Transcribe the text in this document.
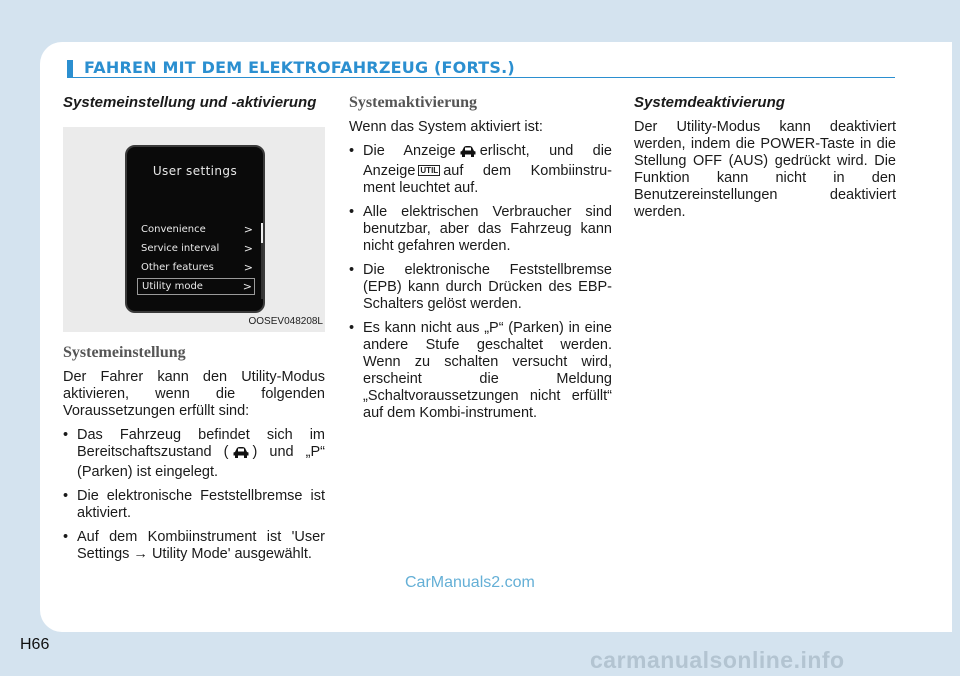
FAHREN MIT DEM ELEKTROFAHRZEUG (FORTS.)
Systemeinstellung und -aktivierung
User settings
Convenience	>
Service interval >
Other features	>
Utility mode	>
OOSEV048208L
Systemeinstellung

Der Fahrer kann den Utility-Modus aktivieren, wenn die folgenden Voraussetzungen erfüllt sind:

• Das Fahrzeug befindet sich im Bereitschaftszustand ( ) und „P“ (Parken) ist eingelegt.
• Die elektronische Feststellbremse ist aktiviert.
• Auf dem Kombiinstrument ist 'User Settings → Utility Mode' ausgewählt.
Systemaktivierung

Wenn das System aktiviert ist:

• Die Anzeige erlischt, und die Anzeige UTIL auf dem Kombiinstru-ment leuchtet auf.
• Alle elektrischen Verbraucher sind benutzbar, aber das Fahrzeug kann nicht gefahren werden.
• Die elektronische Feststellbremse (EPB) kann durch Drücken des EBP-Schalters gelöst werden.
• Es kann nicht aus „P“ (Parken) in eine andere Stufe geschaltet werden. Wenn zu schalten versucht wird, erscheint die Meldung „Schaltvoraussetzungen nicht erfüllt“ auf dem Kombi-instrument.
Systemdeaktivierung

Der Utility-Modus kann deaktiviert werden, indem die POWER-Taste in die Stellung OFF (AUS) gedrückt wird. Die Funktion kann nicht in den Benutzereinstellungen deaktiviert werden.

CarManuals2.com
H66
carmanualsonline.info
